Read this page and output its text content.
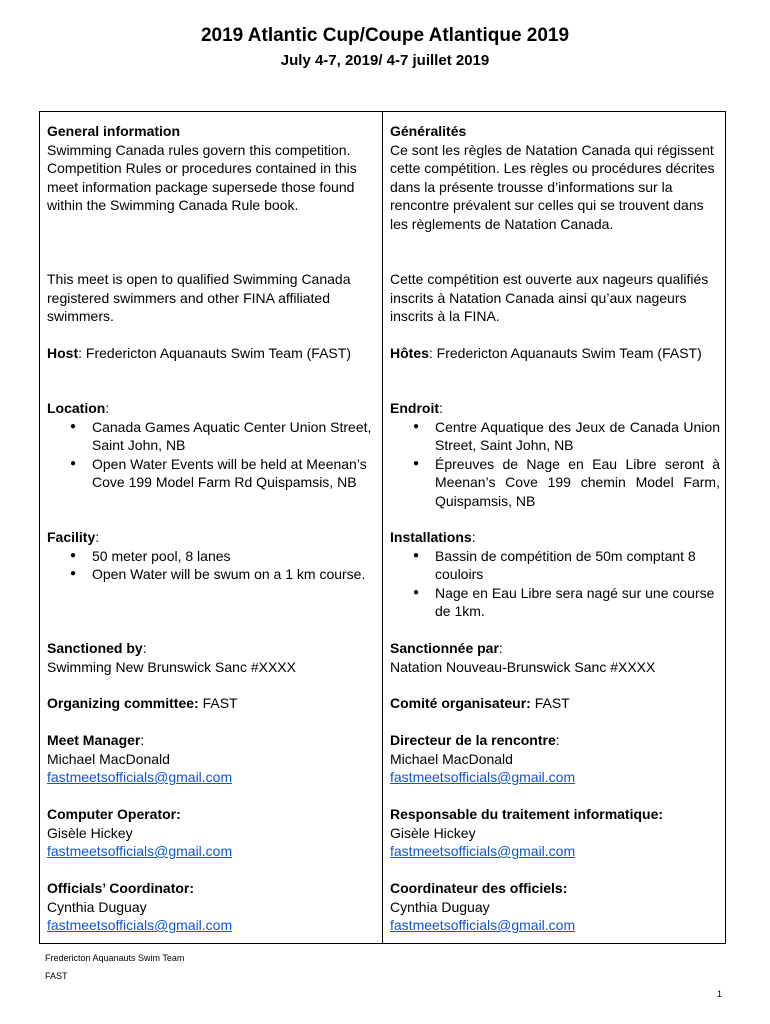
2019 Atlantic Cup/Coupe Atlantique 2019
July 4-7, 2019/ 4-7 juillet 2019
General information
Swimming Canada rules govern this competition. Competition Rules or procedures contained in this meet information package supersede those found within the Swimming Canada Rule book.
This meet is open to qualified Swimming Canada registered swimmers and other FINA affiliated swimmers.
Host: Fredericton Aquanauts Swim Team (FAST)
Location:
● Canada Games Aquatic Center Union Street, Saint John, NB
● Open Water Events will be held at Meenan’s Cove 199 Model Farm Rd Quispamsis, NB
Facility:
● 50 meter pool, 8 lanes
● Open Water will be swum on a 1 km course.
Sanctioned by:
Swimming New Brunswick Sanc #XXXX
Organizing committee: FAST
Meet Manager:
Michael MacDonald
fastmeetsofficials@gmail.com
Computer Operator:
Gisèle Hickey
fastmeetsofficials@gmail.com
Officials’ Coordinator:
Cynthia Duguay
fastmeetsofficials@gmail.com
Généralités
Ce sont les règles de Natation Canada qui régissent cette compétition. Les règles ou procédures décrites dans la présente trousse d’informations sur la rencontre prévalent sur celles qui se trouvent dans les règlements de Natation Canada.
Cette compétition est ouverte aux nageurs qualifiés inscrits à Natation Canada ainsi qu’aux nageurs inscrits à la FINA.
Hôtes: Fredericton Aquanauts Swim Team (FAST)
Endroit:
● Centre Aquatique des Jeux de Canada Union Street, Saint John, NB
● Épreuves de Nage en Eau Libre seront à Meenan’s Cove 199 chemin Model Farm, Quispamsis, NB
Installations:
● Bassin de compétition de 50m comptant 8 couloirs
● Nage en Eau Libre sera nagé sur une course de 1km.
Sanctionnée par:
Natation Nouveau-Brunswick Sanc #XXXX
Comité organisateur: FAST
Directeur de la rencontre:
Michael MacDonald
fastmeetsofficials@gmail.com
Responsable du traitement informatique:
Gisèle Hickey
fastmeetsofficials@gmail.com
Coordinateur des officiels:
Cynthia Duguay
fastmeetsofficials@gmail.com
Fredericton Aquanauts Swim Team
FAST
1
